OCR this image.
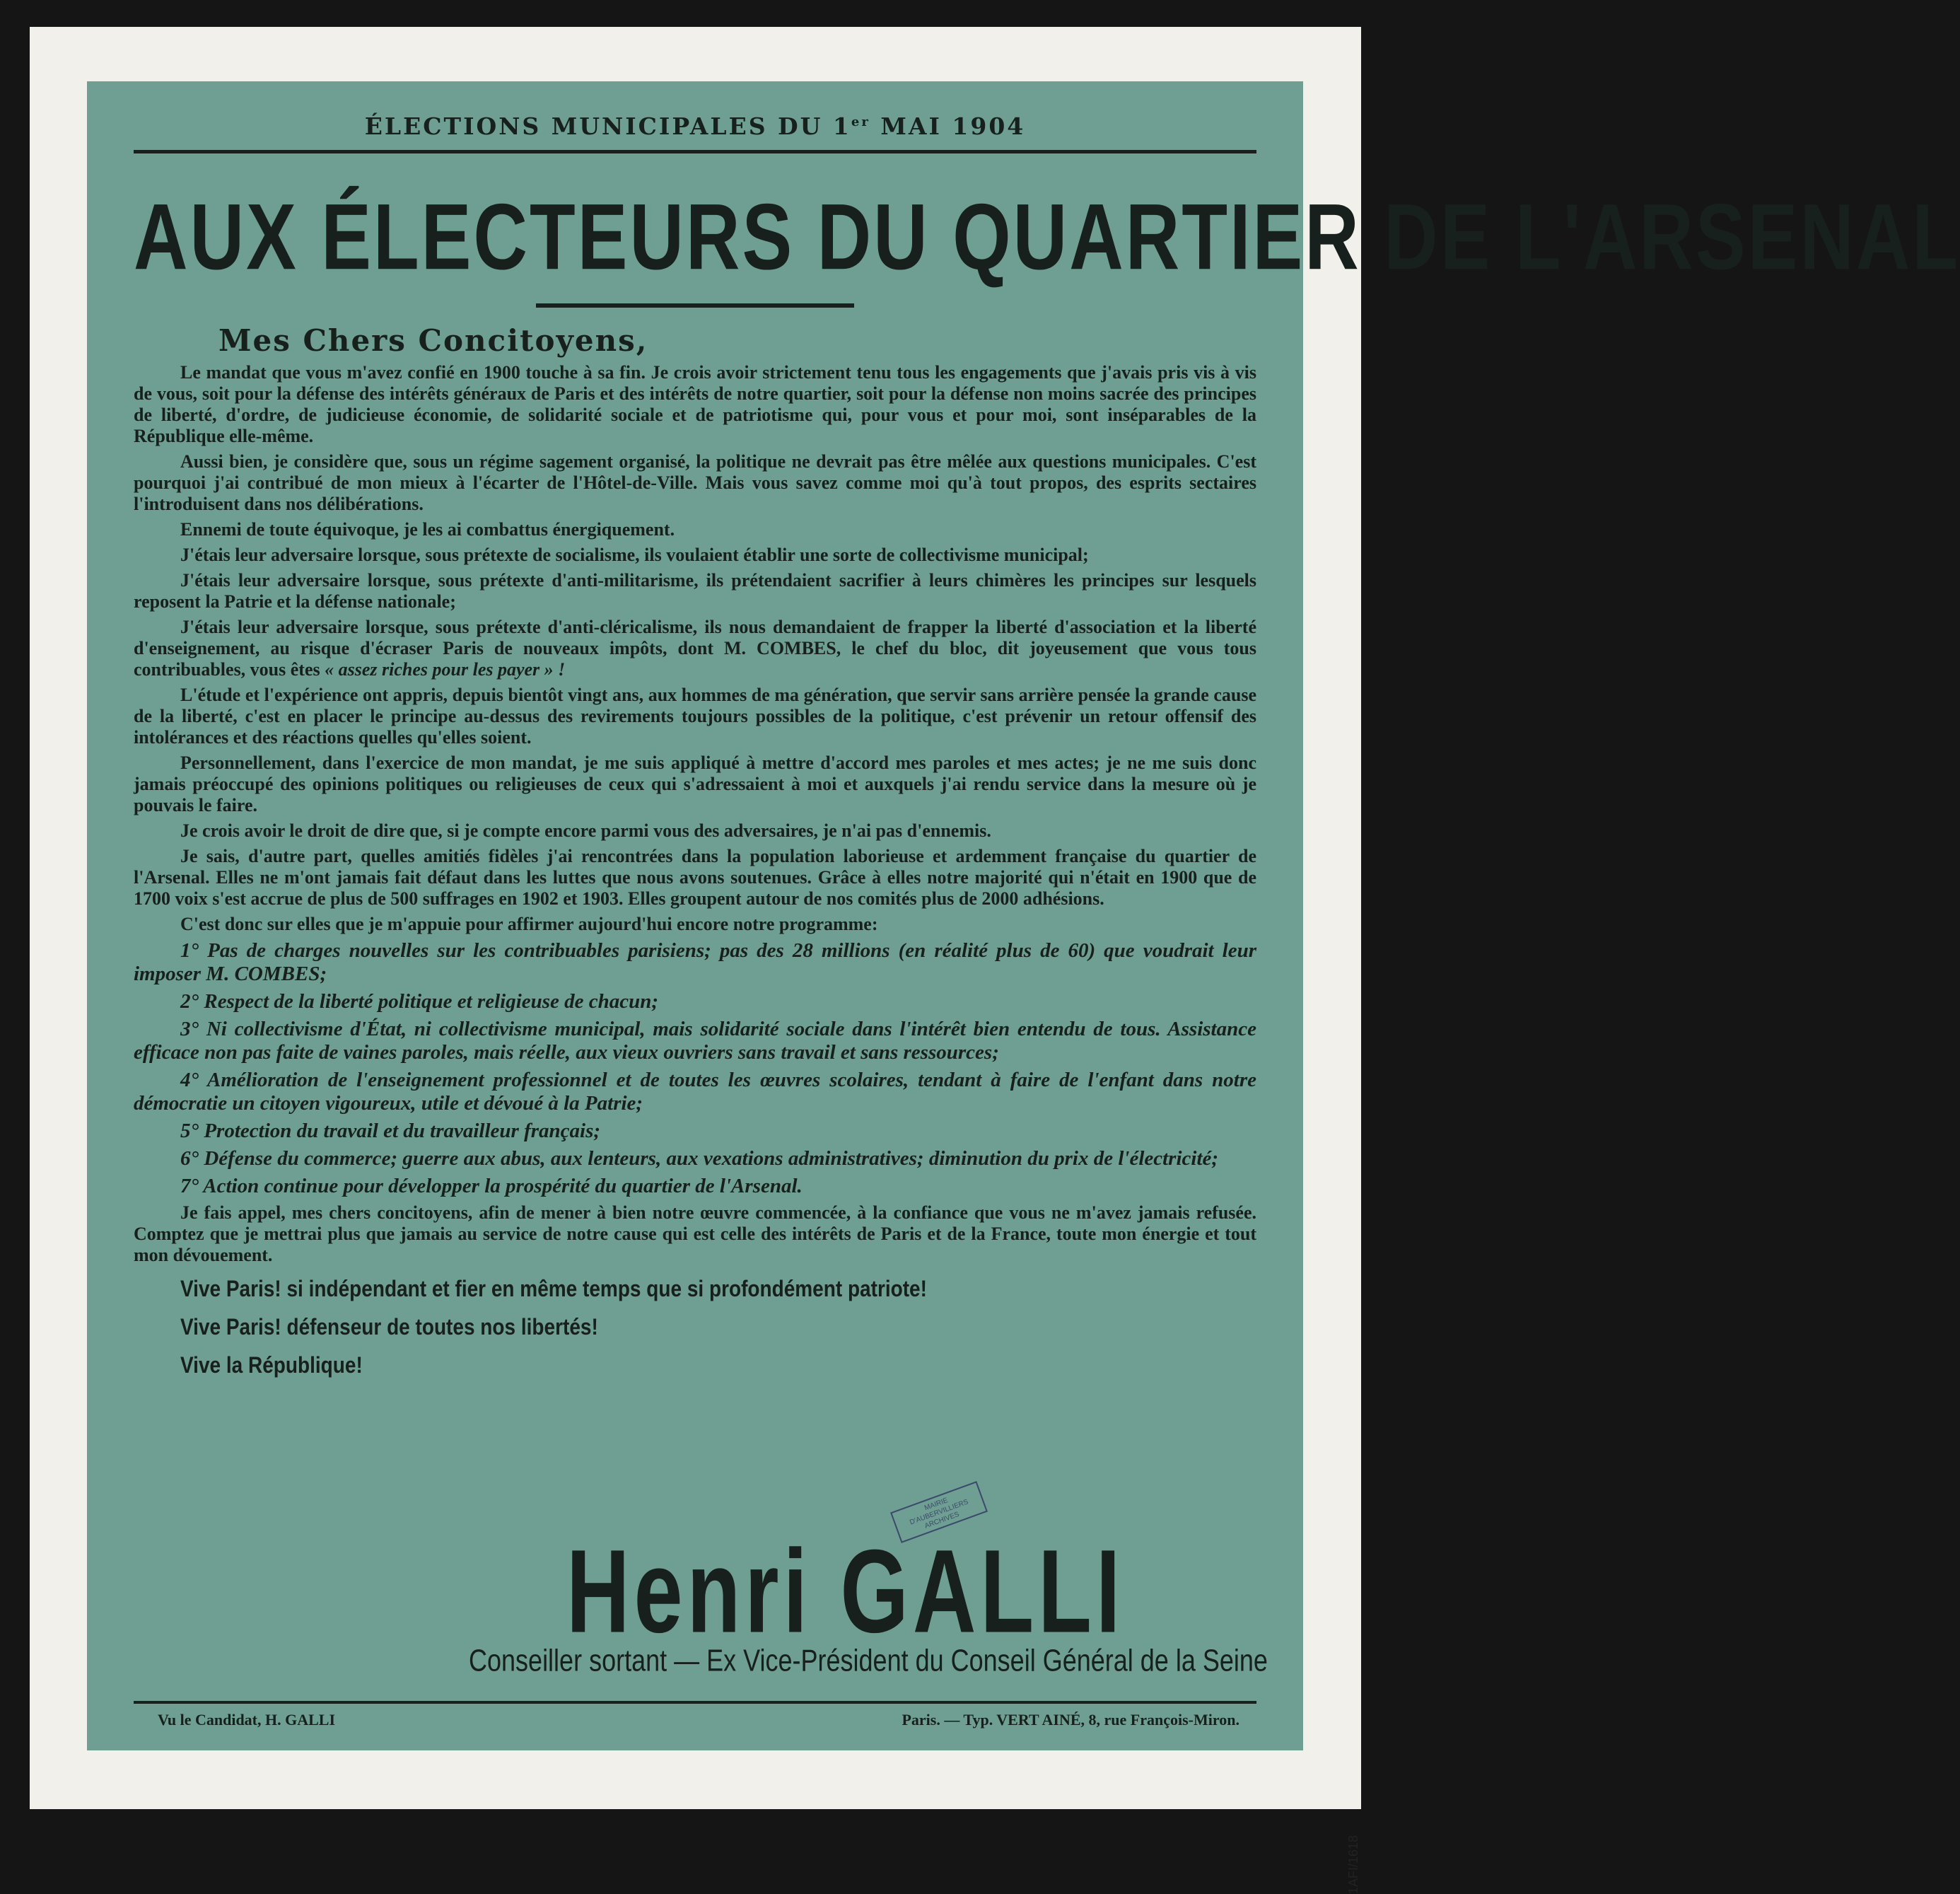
ÉLECTIONS MUNICIPALES DU 1er MAI 1904

AUX ÉLECTEURS DU QUARTIER DE L'ARSENAL
Mes Chers Concitoyens,

Le mandat que vous m'avez confié en 1900 touche à sa fin. Je crois avoir strictement tenu tous les engagements que j'avais pris vis à vis de vous, soit pour la défense des intérêts généraux de Paris et des intérêts de notre quartier, soit pour la défense non moins sacrée des principes de liberté, d'ordre, de judicieuse économie, de solidarité sociale et de patriotisme qui, pour vous et pour moi, sont inséparables de la République elle-même.

Aussi bien, je considère que, sous un régime sagement organisé, la politique ne devrait pas être mêlée aux questions municipales. C'est pourquoi j'ai contribué de mon mieux à l'écarter de l'Hôtel-de-Ville. Mais vous savez comme moi qu'à tout propos, des esprits sectaires l'introduisent dans nos délibérations.

Ennemi de toute équivoque, je les ai combattus énergiquement.

J'étais leur adversaire lorsque, sous prétexte de socialisme, ils voulaient établir une sorte de collectivisme municipal;

J'étais leur adversaire lorsque, sous prétexte d'anti-militarisme, ils prétendaient sacrifier à leurs chimères les principes sur lesquels reposent la Patrie et la défense nationale;

J'étais leur adversaire lorsque, sous prétexte d'anti-cléricalisme, ils nous demandaient de frapper la liberté d'association et la liberté d'enseignement, au risque d'écraser Paris de nouveaux impôts, dont M. COMBES, le chef du bloc, dit joyeusement que vous tous contribuables, vous êtes « assez riches pour les payer » !

L'étude et l'expérience ont appris, depuis bientôt vingt ans, aux hommes de ma génération, que servir sans arrière pensée la grande cause de la liberté, c'est en placer le principe au-dessus des revirements toujours possibles de la politique, c'est prévenir un retour offensif des intolérances et des réactions quelles qu'elles soient.

Personnellement, dans l'exercice de mon mandat, je me suis appliqué à mettre d'accord mes paroles et mes actes; je ne me suis donc jamais préoccupé des opinions politiques ou religieuses de ceux qui s'adressaient à moi et auxquels j'ai rendu service dans la mesure où je pouvais le faire.

Je crois avoir le droit de dire que, si je compte encore parmi vous des adversaires, je n'ai pas d'ennemis.

Je sais, d'autre part, quelles amitiés fidèles j'ai rencontrées dans la population laborieuse et ardemment française du quartier de l'Arsenal. Elles ne m'ont jamais fait défaut dans les luttes que nous avons soutenues. Grâce à elles notre majorité qui n'était en 1900 que de 1700 voix s'est accrue de plus de 500 suffrages en 1902 et 1903. Elles groupent autour de nos comités plus de 2000 adhésions.

C'est donc sur elles que je m'appuie pour affirmer aujourd'hui encore notre programme:

1° Pas de charges nouvelles sur les contribuables parisiens; pas des 28 millions (en réalité plus de 60) que voudrait leur imposer M. COMBES;

2° Respect de la liberté politique et religieuse de chacun;

3° Ni collectivisme d'État, ni collectivisme municipal, mais solidarité sociale dans l'intérêt bien entendu de tous. Assistance efficace non pas faite de vaines paroles, mais réelle, aux vieux ouvriers sans travail et sans ressources;

4° Amélioration de l'enseignement professionnel et de toutes les œuvres scolaires, tendant à faire de l'enfant dans notre démocratie un citoyen vigoureux, utile et dévoué à la Patrie;

5° Protection du travail et du travailleur français;

6° Défense du commerce; guerre aux abus, aux lenteurs, aux vexations administratives; diminution du prix de l'électricité;

7° Action continue pour développer la prospérité du quartier de l'Arsenal.

Je fais appel, mes chers concitoyens, afin de mener à bien notre œuvre commencée, à la confiance que vous ne m'avez jamais refusée. Comptez que je mettrai plus que jamais au service de notre cause qui est celle des intérêts de Paris et de la France, toute mon énergie et tout mon dévouement.

Vive Paris! si indépendant et fier en même temps que si profondément patriote!
Vive Paris! défenseur de toutes nos libertés!
Vive la République!
MAIRIE D'AUBERVILLIERS ARCHIVES
Henri GALLI
Conseiller sortant — Ex Vice-Président du Conseil Général de la Seine
Vu le Candidat, H. GALLI	Paris. — Typ. VERT AINÉ, 8, rue François-Miron.
1AFI/1618
